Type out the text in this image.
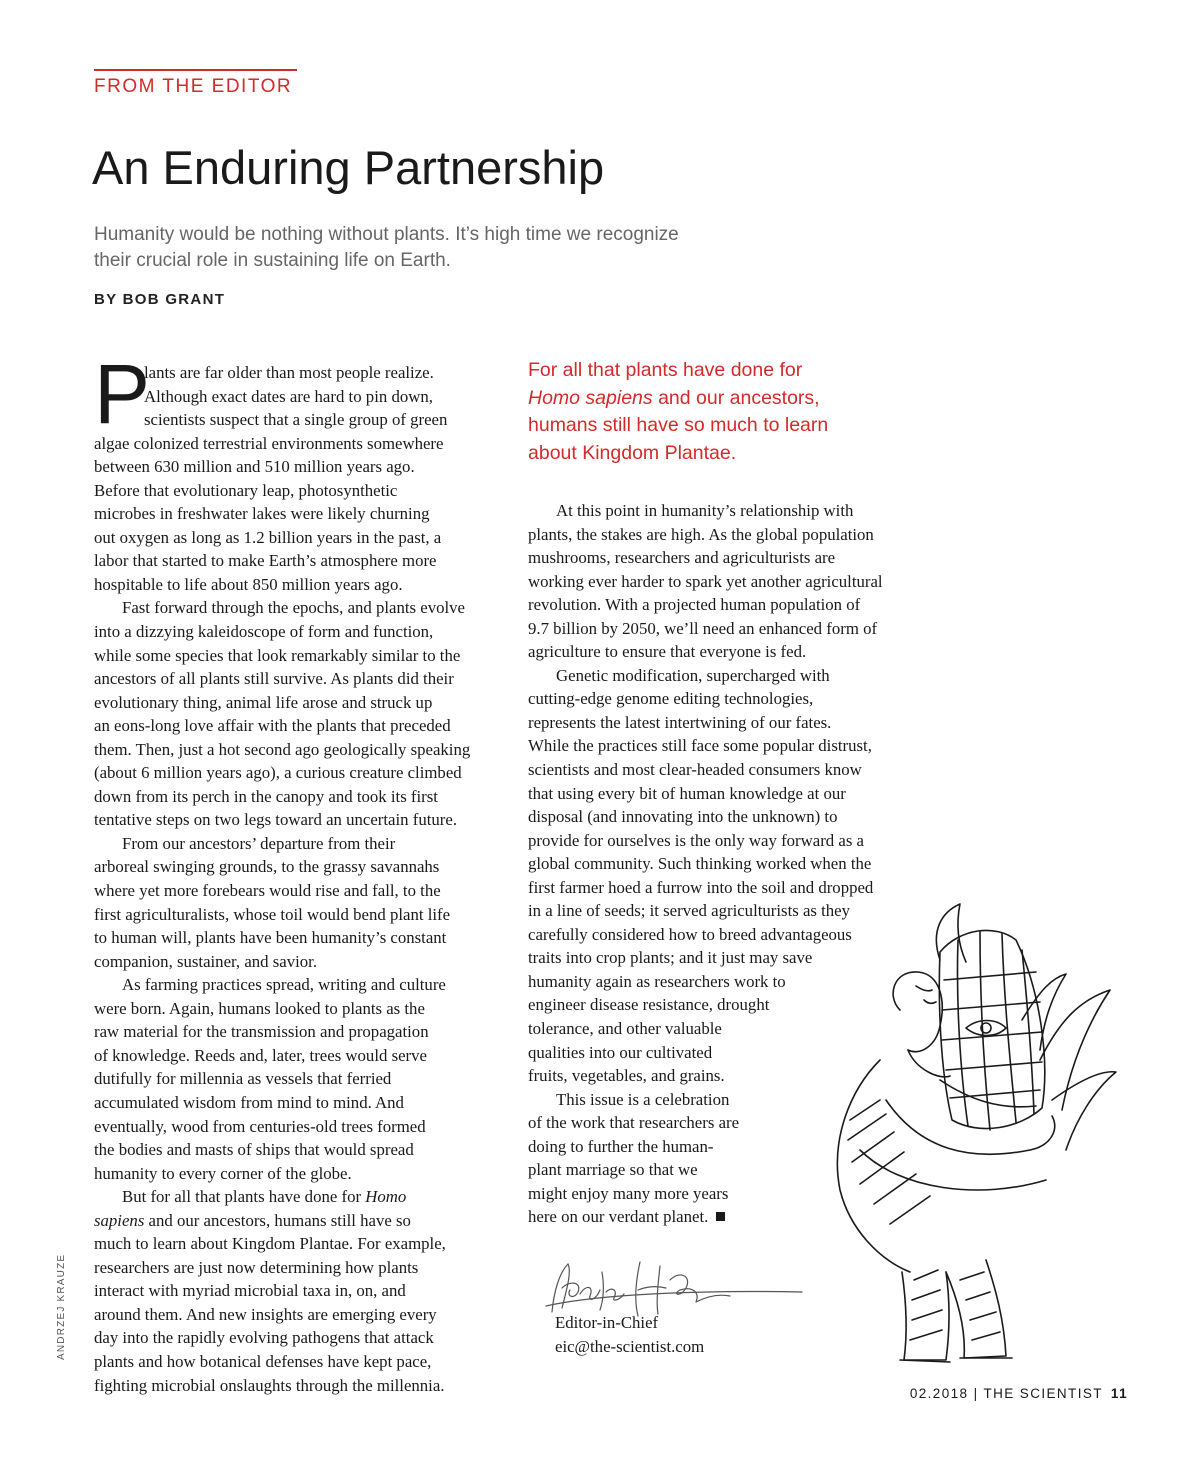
FROM THE EDITOR
An Enduring Partnership
Humanity would be nothing without plants. It’s high time we recognize
their crucial role in sustaining life on Earth.
BY BOB GRANT
P
lants are far older than most people realize.
Although exact dates are hard to pin down,
scientists suspect that a single group of green
algae colonized terrestrial environments somewhere
between 630 million and 510 million years ago.
Before that evolutionary leap, photosynthetic
microbes in freshwater lakes were likely churning
out oxygen as long as 1.2 billion years in the past, a
labor that started to make Earth’s atmosphere more
hospitable to life about 850 million years ago.
Fast forward through the epochs, and plants evolve
into a dizzying kaleidoscope of form and function,
while some species that look remarkably similar to the
ancestors of all plants still survive. As plants did their
evolutionary thing, animal life arose and struck up
an eons-long love affair with the plants that preceded
them. Then, just a hot second ago geologically speaking
(about 6 million years ago), a curious creature climbed
down from its perch in the canopy and took its first
tentative steps on two legs toward an uncertain future.
From our ancestors’ departure from their
arboreal swinging grounds, to the grassy savannahs
where yet more forebears would rise and fall, to the
first agriculturalists, whose toil would bend plant life
to human will, plants have been humanity’s constant
companion, sustainer, and savior.
As farming practices spread, writing and culture
were born. Again, humans looked to plants as the
raw material for the transmission and propagation
of knowledge. Reeds and, later, trees would serve
dutifully for millennia as vessels that ferried
accumulated wisdom from mind to mind. And
eventually, wood from centuries-old trees formed
the bodies and masts of ships that would spread
humanity to every corner of the globe.
But for all that plants have done for Homo
sapiens and our ancestors, humans still have so
much to learn about Kingdom Plantae. For example,
researchers are just now determining how plants
interact with myriad microbial taxa in, on, and
around them. And new insights are emerging every
day into the rapidly evolving pathogens that attack
plants and how botanical defenses have kept pace,
fighting microbial onslaughts through the millennia.
For all that plants have done for
Homo sapiens and our ancestors,
humans still have so much to learn
about Kingdom Plantae.
At this point in humanity’s relationship with
plants, the stakes are high. As the global population
mushrooms, researchers and agriculturists are
working ever harder to spark yet another agricultural
revolution. With a projected human population of
9.7 billion by 2050, we’ll need an enhanced form of
agriculture to ensure that everyone is fed.
Genetic modification, supercharged with
cutting-edge genome editing technologies,
represents the latest intertwining of our fates.
While the practices still face some popular distrust,
scientists and most clear-headed consumers know
that using every bit of human knowledge at our
disposal (and innovating into the unknown) to
provide for ourselves is the only way forward as a
global community. Such thinking worked when the
first farmer hoed a furrow into the soil and dropped
in a line of seeds; it served agriculturists as they
carefully considered how to breed advantageous
traits into crop plants; and it just may save
humanity again as researchers work to
engineer disease resistance, drought
tolerance, and other valuable
qualities into our cultivated
fruits, vegetables, and grains.
This issue is a celebration
of the work that researchers are
doing to further the human-
plant marriage so that we
might enjoy many more years
here on our verdant planet.
Editor-in-Chief
eic@the-scientist.com
ANDRZEJ KRAUZE
02.2018 | THE SCIENTIST 11
